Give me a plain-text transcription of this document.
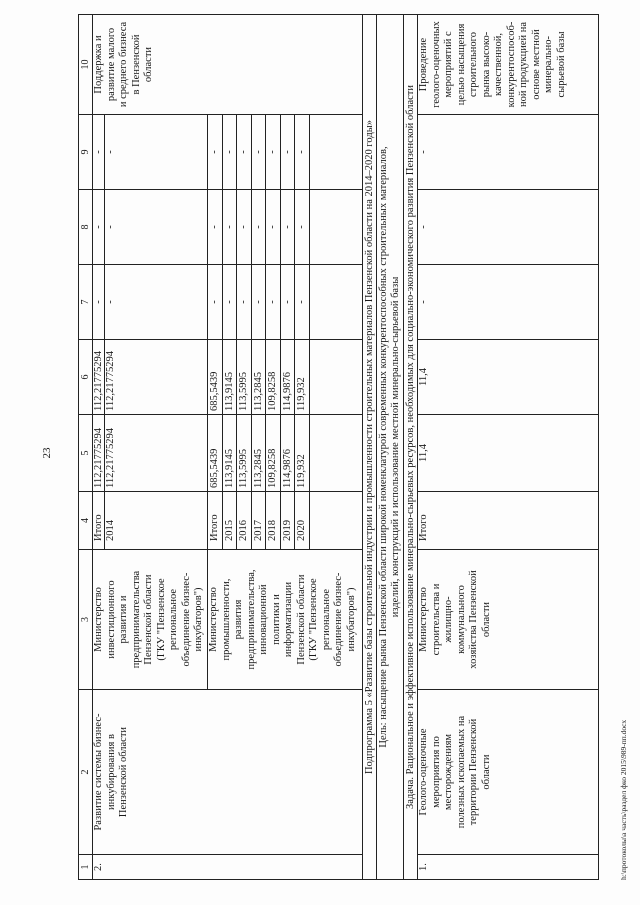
23
1
2
3
4
5
6
7
8
9
10
2.
Развитие системы бизнес-
инкубирования в
Пензенской области
Министерство
инвестиционного
развития и
предпринимательства
Пензенской области
(ГКУ "Пензенское
региональное
объединение бизнес-
инкубаторов") Министерство
промышленности,
развития
предпринимательства,
инновационной
политики и
информатизации
Пензенской области
(ГКУ "Пензенское
региональное
объединение бизнес-
инкубаторов")
Поддержка и
развитие малого
и среднего бизнеса
в Пензенской
области
Итого
112,21775294
112,21775294
-
-
-
2014
112,21775294
112,21775294
-
-
-
Итого
685,5439
685,5439
-
-
-
2015
113,9145
113,9145
-
-
-
2016
113,5995
113,5995
-
-
-
2017
113,2845
113,2845
-
-
-
2018
109,8258
109,8258
-
-
-
2019
114,9876
114,9876
-
-
-
2020
119,932
119,932
-
-
-	Подпрограмма 5 «Развитие базы строительной индустрии и промышленности строительных материалов Пензенской области на 2014–2020 годы» Цель: насыщение рынка Пензенской области широкой номенклатурой современных конкурентоспособных строительных материалов,
изделий, конструкций и использование местной минерально-сырьевой базы Задача. Рациональное и эффективное использование минерально-сырьевых ресурсов, необходимых для социально-экономического развития Пензенской области
1.
Геолого-оценочные
мероприятия по
месторождениям
полезных ископаемых на
территории Пензенской
области
Министерство
строительства и
жилищно-
коммунального
хозяйства Пензенской
области
Итого
11,4
11,4
-
-
-
Проведение
геолого-оценочных
мероприятий с
целью насыщения
строительного
рынка высоко-
качественной,
конкурентоспособ-
ной продукцией на
основе местной
минерально-
сырьевой базы
h:\протоколы\а часть\раздел фко 2015\989-пп.docx
